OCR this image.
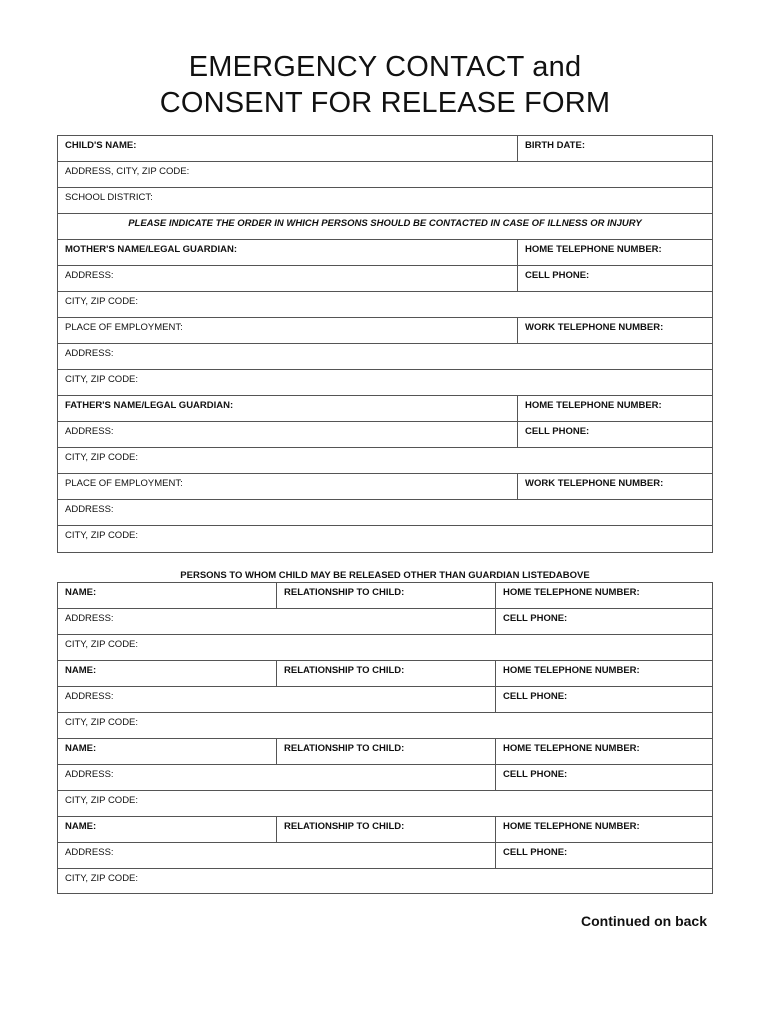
EMERGENCY CONTACT and
CONSENT FOR RELEASE FORM
CHILD'S NAME:	BIRTH DATE:
ADDRESS, CITY, ZIP CODE:
SCHOOL DISTRICT:
PLEASE INDICATE THE ORDER IN WHICH PERSONS SHOULD BE CONTACTED IN CASE OF ILLNESS OR INJURY
MOTHER'S NAME/LEGAL GUARDIAN:	HOME TELEPHONE NUMBER:
ADDRESS:	CELL PHONE:
CITY, ZIP CODE:
PLACE OF EMPLOYMENT:	WORK TELEPHONE NUMBER:
ADDRESS:
CITY, ZIP CODE:
FATHER'S NAME/LEGAL GUARDIAN:	HOME TELEPHONE NUMBER:
ADDRESS:	CELL PHONE:
CITY, ZIP CODE:
PLACE OF EMPLOYMENT:	WORK TELEPHONE NUMBER:
ADDRESS:
CITY, ZIP CODE:
PERSONS TO WHOM CHILD MAY BE RELEASED OTHER THAN GUARDIAN LISTEDABOVE
NAME:	RELATIONSHIP TO CHILD:	HOME TELEPHONE NUMBER:
ADDRESS:	CELL PHONE:
CITY, ZIP CODE:
NAME:	RELATIONSHIP TO CHILD:	HOME TELEPHONE NUMBER:
ADDRESS:	CELL PHONE:
CITY, ZIP CODE:
NAME:	RELATIONSHIP TO CHILD:	HOME TELEPHONE NUMBER:
ADDRESS:	CELL PHONE:
CITY, ZIP CODE:
NAME:	RELATIONSHIP TO CHILD:	HOME TELEPHONE NUMBER:
ADDRESS:	CELL PHONE:
CITY, ZIP CODE:
Continued on back
